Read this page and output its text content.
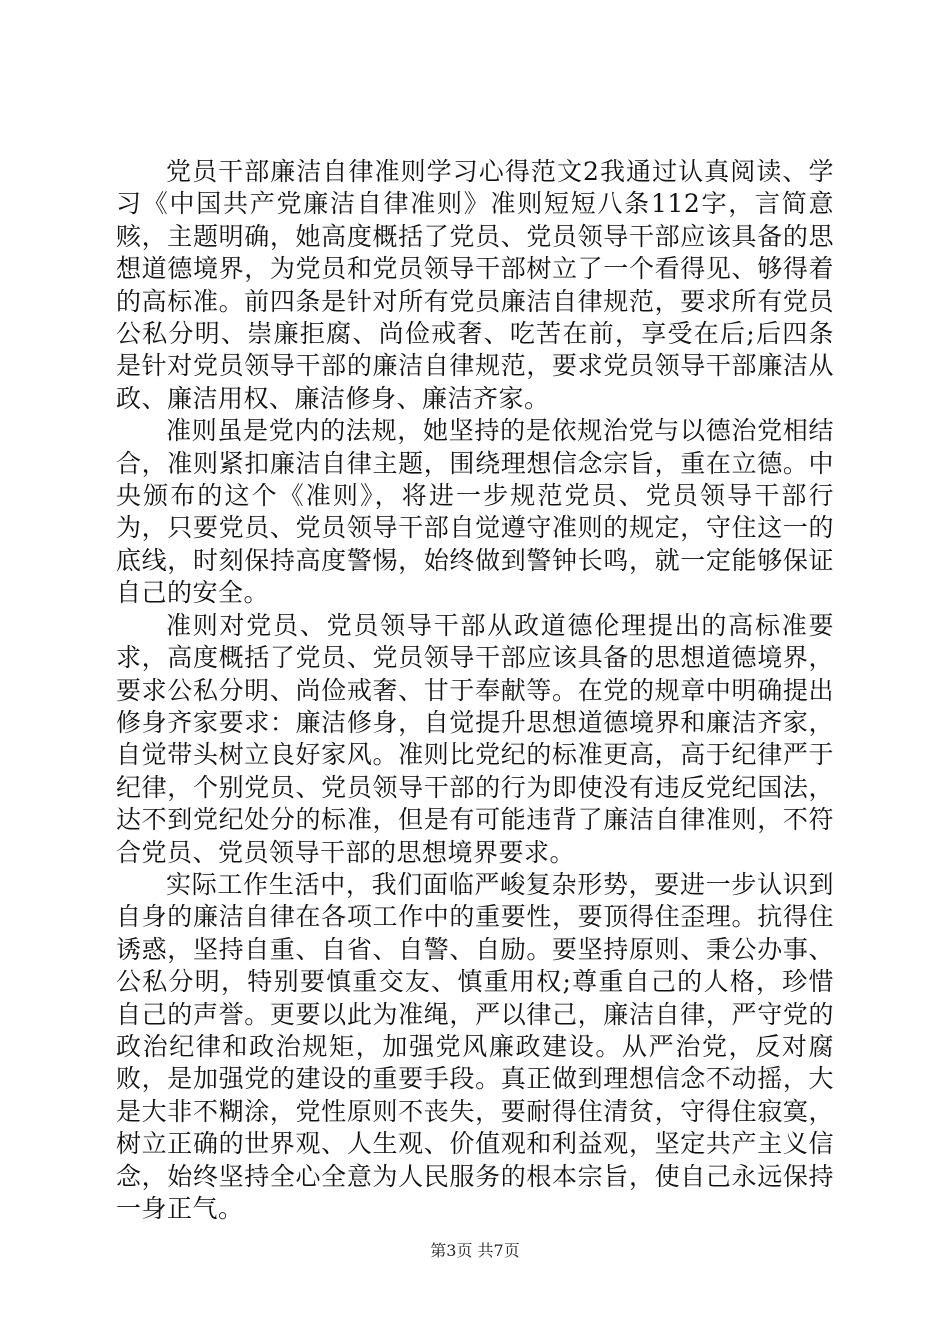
党员干部廉洁自律准则学习心得范文2我通过认真阅读、学习《中国共产党廉洁自律准则》准则短短八条112字，言简意赅，主题明确，她高度概括了党员、党员领导干部应该具备的思想道德境界，为党员和党员领导干部树立了一个看得见、够得着的高标准。前四条是针对所有党员廉洁自律规范，要求所有党员公私分明、崇廉拒腐、尚俭戒奢、吃苦在前，享受在后;后四条是针对党员领导干部的廉洁自律规范，要求党员领导干部廉洁从政、廉洁用权、廉洁修身、廉洁齐家。

准则虽是党内的法规，她坚持的是依规治党与以德治党相结合，准则紧扣廉洁自律主题，围绕理想信念宗旨，重在立德。中央颁布的这个《准则》，将进一步规范党员、党员领导干部行为，只要党员、党员领导干部自觉遵守准则的规定，守住这一的底线，时刻保持高度警惕，始终做到警钟长鸣，就一定能够保证自己的安全。

准则对党员、党员领导干部从政道德伦理提出的高标准要求，高度概括了党员、党员领导干部应该具备的思想道德境界，要求公私分明、尚俭戒奢、甘于奉献等。在党的规章中明确提出修身齐家要求：廉洁修身，自觉提升思想道德境界和廉洁齐家，自觉带头树立良好家风。准则比党纪的标准更高，高于纪律严于纪律，个别党员、党员领导干部的行为即使没有违反党纪国法，达不到党纪处分的标准，但是有可能违背了廉洁自律准则，不符合党员、党员领导干部的思想境界要求。

实际工作生活中，我们面临严峻复杂形势，要进一步认识到自身的廉洁自律在各项工作中的重要性，要顶得住歪理。抗得住诱惑，坚持自重、自省、自警、自励。要坚持原则、秉公办事、公私分明，特别要慎重交友、慎重用权;尊重自己的人格，珍惜自己的声誉。更要以此为准绳，严以律己，廉洁自律，严守党的政治纪律和政治规矩，加强党风廉政建设。从严治党，反对腐败，是加强党的建设的重要手段。真正做到理想信念不动摇，大是大非不糊涂，党性原则不丧失，要耐得住清贫，守得住寂寞，树立正确的世界观、人生观、价值观和利益观，坚定共产主义信念，始终坚持全心全意为人民服务的根本宗旨，使自己永远保持一身正气。

第3页 共7页
